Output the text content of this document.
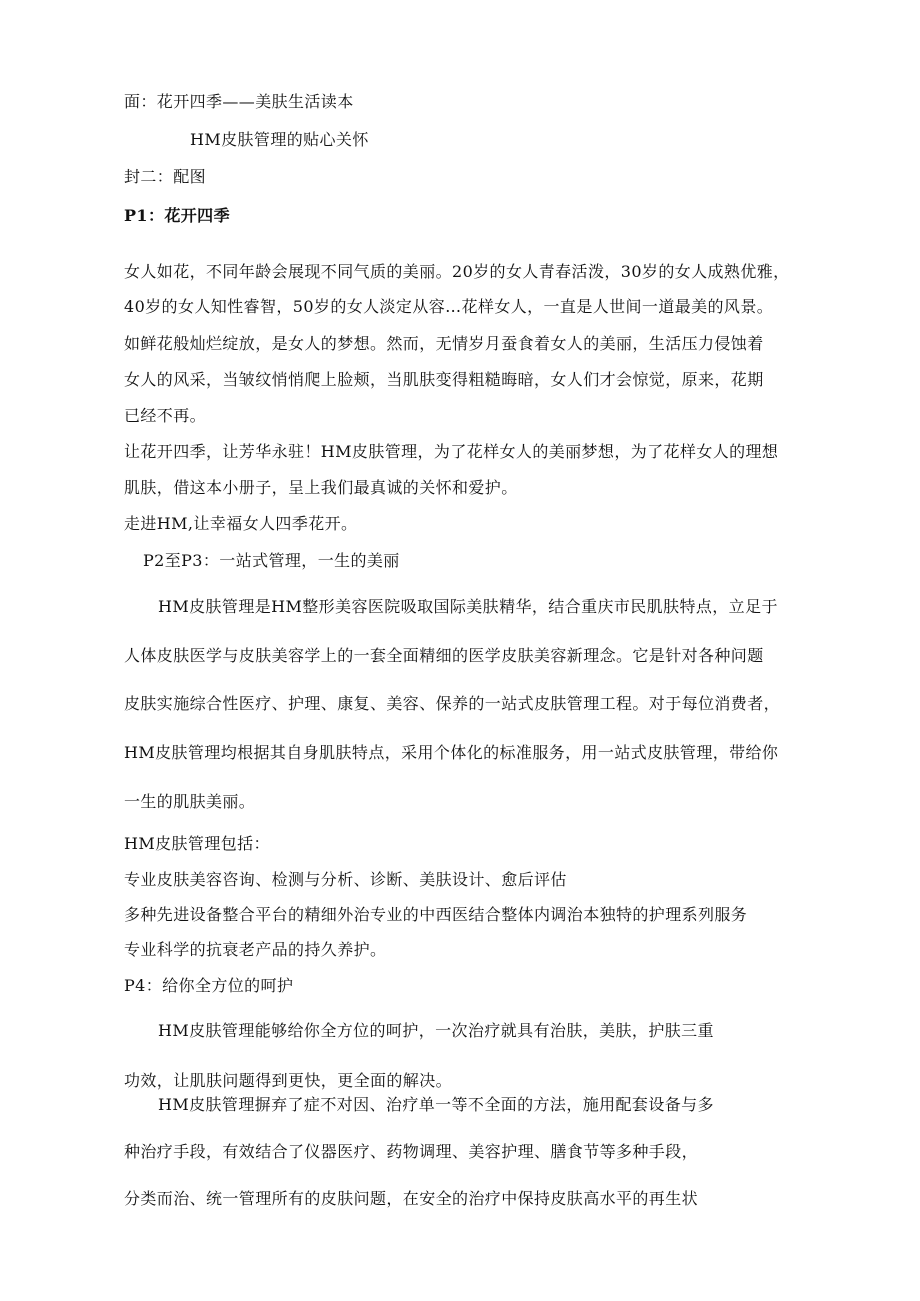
面：花开四季——美肤生活读本
HM皮肤管理的贴心关怀
封二：配图
P1：花开四季
女人如花，不同年龄会展现不同气质的美丽。20岁的女人青春活泼，30岁的女人成熟优雅，
40岁的女人知性睿智，50岁的女人淡定从容…花样女人，一直是人世间一道最美的风景。
如鲜花般灿烂绽放，是女人的梦想。然而，无情岁月蚕食着女人的美丽，生活压力侵蚀着
女人的风采，当皱纹悄悄爬上脸颊，当肌肤变得粗糙晦暗，女人们才会惊觉，原来，花期
已经不再。
让花开四季，让芳华永驻！HM皮肤管理，为了花样女人的美丽梦想，为了花样女人的理想
肌肤，借这本小册子，呈上我们最真诚的关怀和爱护。
走进HM,让幸福女人四季花开。
P2至P3：一站式管理，一生的美丽
HM皮肤管理是HM整形美容医院吸取国际美肤精华，结合重庆市民肌肤特点，立足于
人体皮肤医学与皮肤美容学上的一套全面精细的医学皮肤美容新理念。它是针对各种问题
皮肤实施综合性医疗、护理、康复、美容、保养的一站式皮肤管理工程。对于每位消费者，
HM皮肤管理均根据其自身肌肤特点，采用个体化的标准服务，用一站式皮肤管理，带给你
一生的肌肤美丽。
HM皮肤管理包括：
专业皮肤美容咨询、检测与分析、诊断、美肤设计、愈后评估
多种先进设备整合平台的精细外治专业的中西医结合整体内调治本独特的护理系列服务
专业科学的抗衰老产品的持久养护。
P4：给你全方位的呵护
HM皮肤管理能够给你全方位的呵护，一次治疗就具有治肤，美肤，护肤三重
功效，让肌肤问题得到更快，更全面的解决。
HM皮肤管理摒弃了症不对因、治疗单一等不全面的方法，施用配套设备与多
种治疗手段，有效结合了仪器医疗、药物调理、美容护理、膳食节等多种手段，
分类而治、统一管理所有的皮肤问题，在安全的治疗中保持皮肤高水平的再生状
